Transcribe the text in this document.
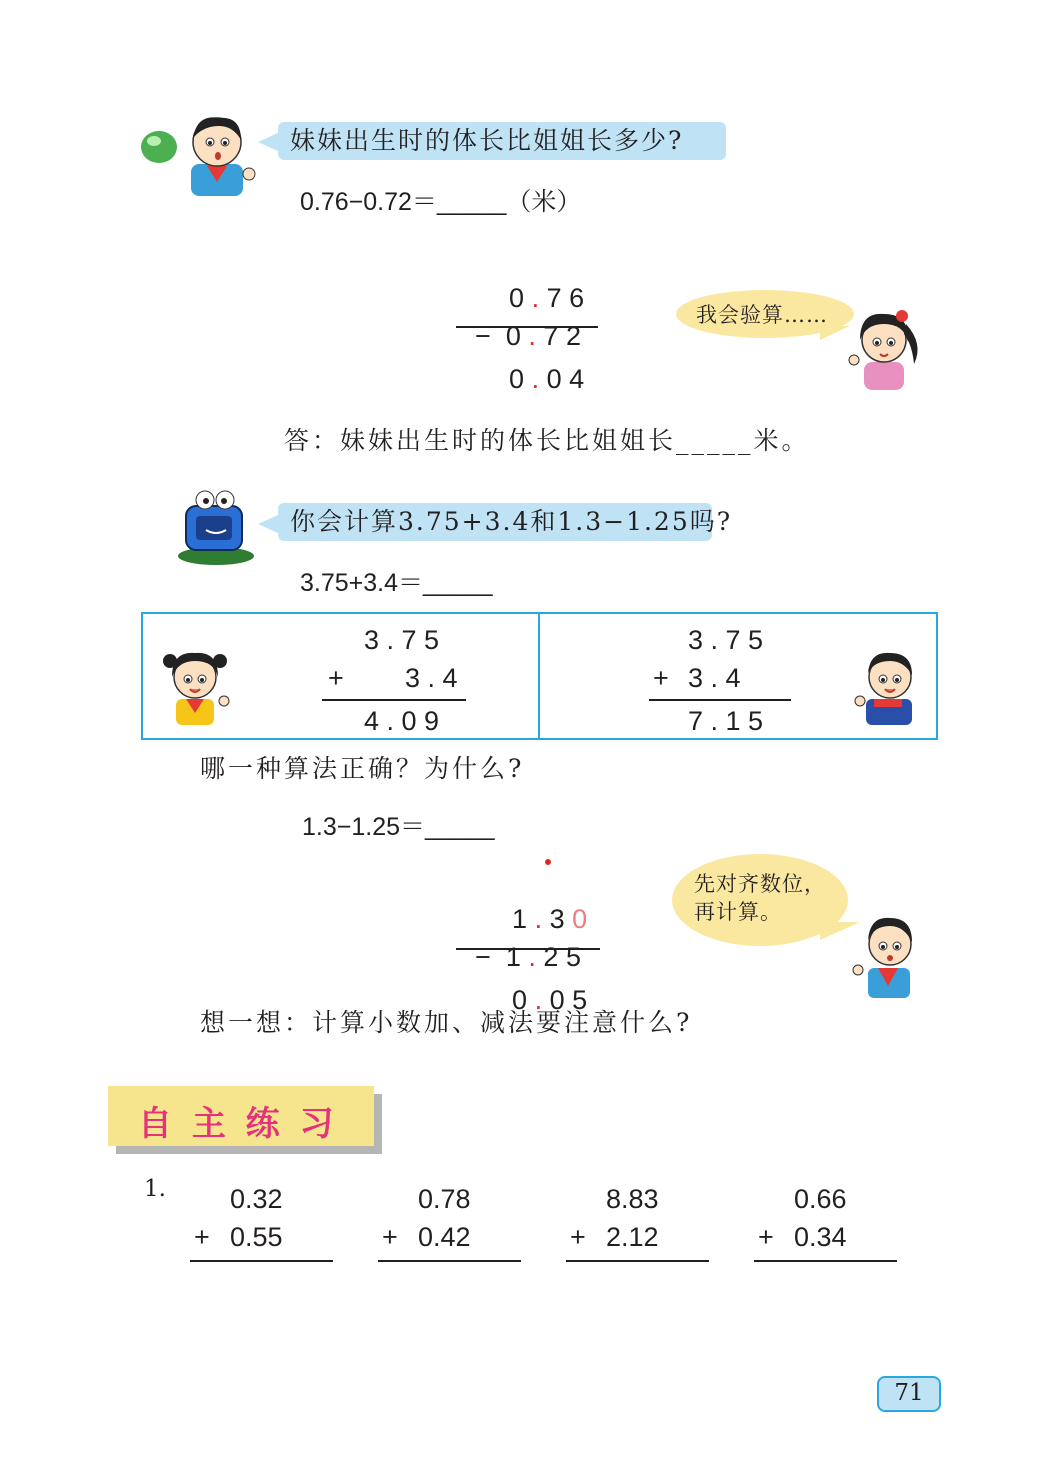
妹妹出生时的体长比姐姐长多少?
0.76−0.72＝_____（米）

0 . 7 6

− 0 . 7 2

0 . 0 4

我会验算……
答：妹妹出生时的体长比姐姐长_____米。
你会计算3.75+3.4和1.3−1.25吗?
3.75+3.4＝_____
3 . 7 5
+ 3 . 4
4 . 0 9
3 . 7 5
+ 3 . 4
7 . 1 5
哪一种算法正确？为什么?
1.3−1.25＝_____

1 . 3 0

− 1 . 2 5

0 . 0 5

先对齐数位，
再计算。
想一想：计算小数加、减法要注意什么?
自 主 练 习
1. 0.32
+ 0.55
0.78
+ 0.42
8.83
+ 2.12
0.66
+ 0.34
71
